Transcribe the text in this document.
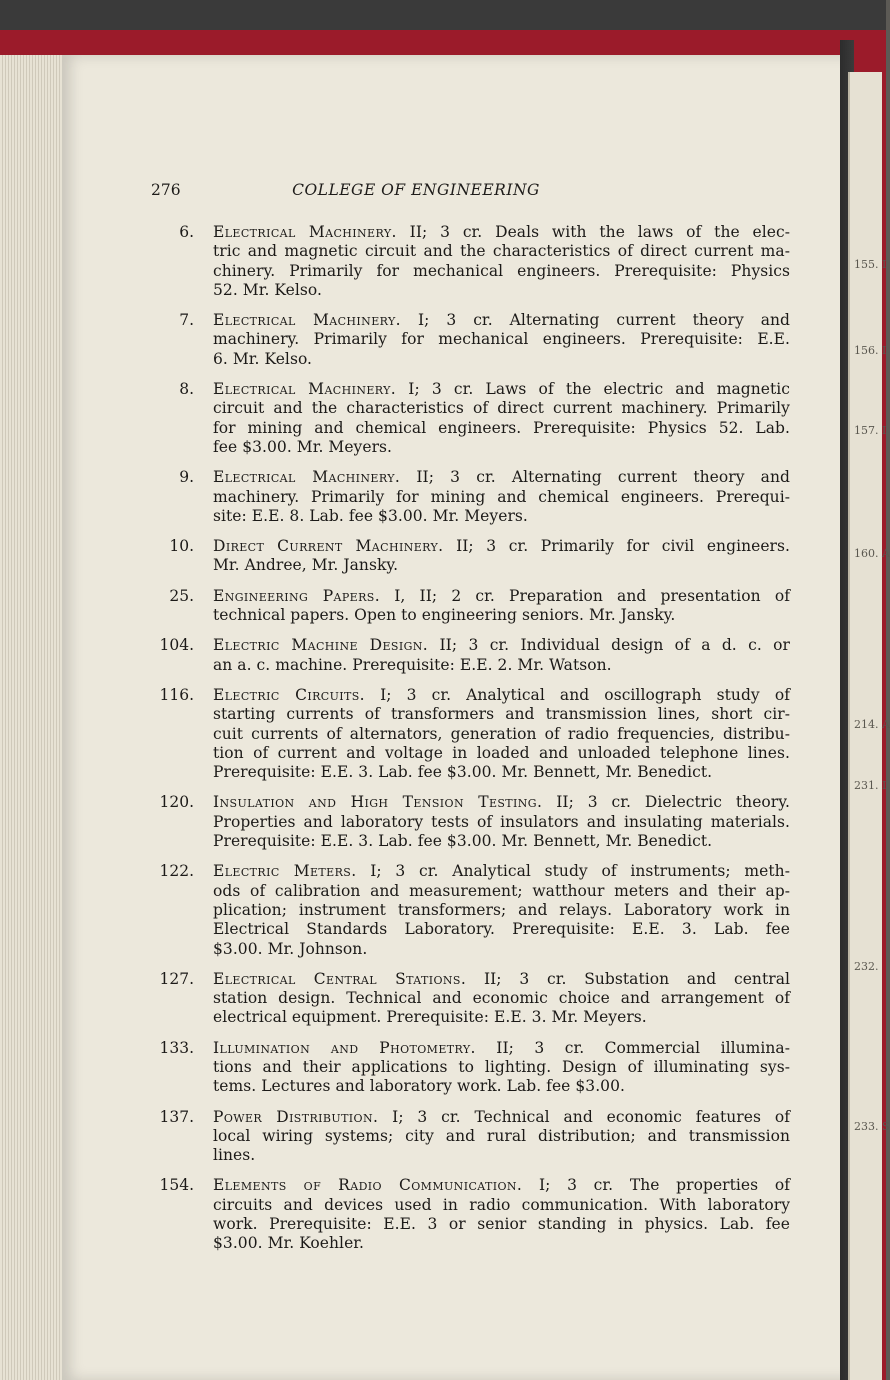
155. I
156. I
157. I
160. A
214. A
231. I
232.
233. S
276	COLLEGE OF ENGINEERING
6. Electrical Machinery. II; 3 cr. Deals with the laws of the elec-
tric and magnetic circuit and the characteristics of direct current ma-
chinery. Primarily for mechanical engineers. Prerequisite: Physics
52. Mr. Kelso.
7. Electrical Machinery. I; 3 cr. Alternating current theory and
machinery. Primarily for mechanical engineers. Prerequisite: E.E.
6. Mr. Kelso.
8. Electrical Machinery. I; 3 cr. Laws of the electric and magnetic
circuit and the characteristics of direct current machinery. Primarily
for mining and chemical engineers. Prerequisite: Physics 52. Lab.
fee $3.00. Mr. Meyers.
9. Electrical Machinery. II; 3 cr. Alternating current theory and
machinery. Primarily for mining and chemical engineers. Prerequi-
site: E.E. 8. Lab. fee $3.00. Mr. Meyers.
10. Direct Current Machinery. II; 3 cr. Primarily for civil engineers.
Mr. Andree, Mr. Jansky.
25. Engineering Papers. I, II; 2 cr. Preparation and presentation of
technical papers. Open to engineering seniors. Mr. Jansky.
104. Electric Machine Design. II; 3 cr. Individual design of a d. c. or
an a. c. machine. Prerequisite: E.E. 2. Mr. Watson.
116. Electric Circuits. I; 3 cr. Analytical and oscillograph study of
starting currents of transformers and transmission lines, short cir-
cuit currents of alternators, generation of radio frequencies, distribu-
tion of current and voltage in loaded and unloaded telephone lines.
Prerequisite: E.E. 3. Lab. fee $3.00. Mr. Bennett, Mr. Benedict.
120. Insulation and High Tension Testing. II; 3 cr. Dielectric theory.
Properties and laboratory tests of insulators and insulating materials.
Prerequisite: E.E. 3. Lab. fee $3.00. Mr. Bennett, Mr. Benedict.
122. Electric Meters. I; 3 cr. Analytical study of instruments; meth-
ods of calibration and measurement; watthour meters and their ap-
plication; instrument transformers; and relays. Laboratory work in
Electrical Standards Laboratory. Prerequisite: E.E. 3. Lab. fee
$3.00. Mr. Johnson.
127. Electrical Central Stations. II; 3 cr. Substation and central
station design. Technical and economic choice and arrangement of
electrical equipment. Prerequisite: E.E. 3. Mr. Meyers.
133. Illumination and Photometry. II; 3 cr. Commercial illumina-
tions and their applications to lighting. Design of illuminating sys-
tems. Lectures and laboratory work. Lab. fee $3.00.
137. Power Distribution. I; 3 cr. Technical and economic features of
local wiring systems; city and rural distribution; and transmission
lines.
154. Elements of Radio Communication. I; 3 cr. The properties of
circuits and devices used in radio communication. With laboratory
work. Prerequisite: E.E. 3 or senior standing in physics. Lab. fee
$3.00. Mr. Koehler.
